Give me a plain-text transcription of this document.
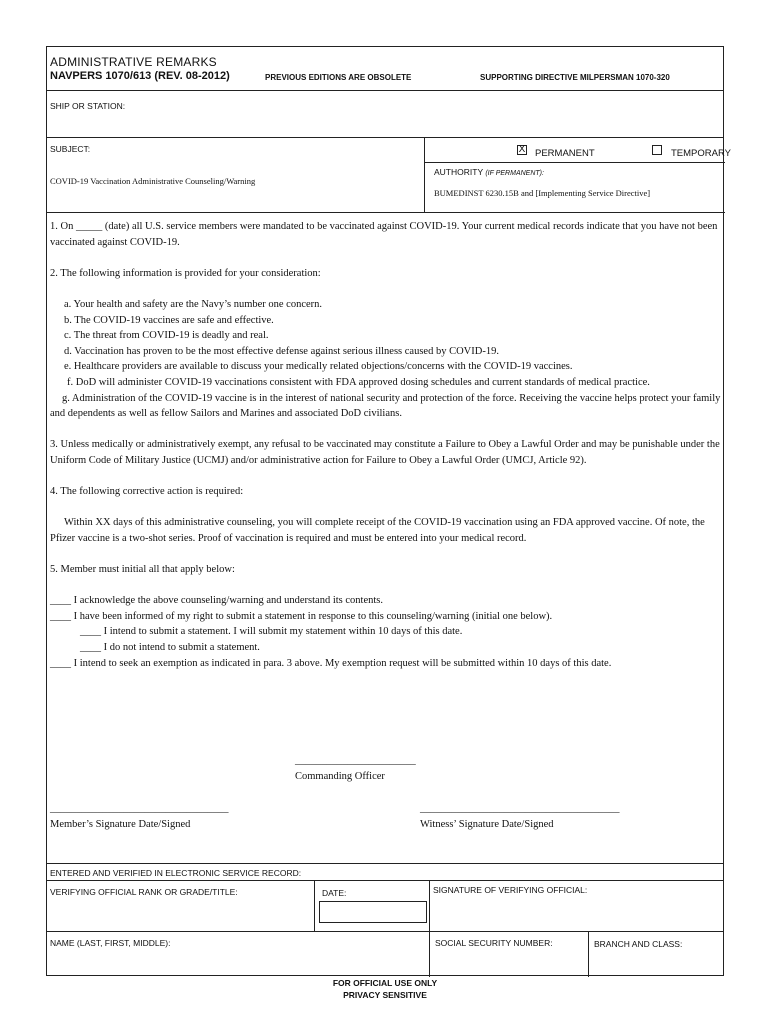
ADMINISTRATIVE REMARKS
NAVPERS 1070/613 (REV. 08-2012)	PREVIOUS EDITIONS ARE OBSOLETE	SUPPORTING DIRECTIVE MILPERSMAN 1070-320
SHIP OR STATION:
SUBJECT:
COVID-19 Vaccination Administrative Counseling/Warning
X PERMANENT	TEMPORARY
AUTHORITY (IF PERMANENT):
BUMEDINST 6230.15B and [Implementing Service Directive]

1. On _____ (date) all U.S. service members were mandated to be vaccinated against COVID-19. Your current medical records indicate that you have not been vaccinated against COVID-19.

2. The following information is provided for your consideration:

a. Your health and safety are the Navy’s number one concern.

b. The COVID-19 vaccines are safe and effective.

c. The threat from COVID-19 is deadly and real.

d. Vaccination has proven to be the most effective defense against serious illness caused by COVID-19.

e. Healthcare providers are available to discuss your medically related objections/concerns with the COVID-19 vaccines.

f. DoD will administer COVID-19 vaccinations consistent with FDA approved dosing schedules and current standards of medical practice.

g. Administration of the COVID-19 vaccine is in the interest of national security and protection of the force. Receiving the vaccine helps protect your family and dependents as well as fellow Sailors and Marines and associated DoD civilians.

3. Unless medically or administratively exempt, any refusal to be vaccinated may constitute a Failure to Obey a Lawful Order and may be punishable under the Uniform Code of Military Justice (UCMJ) and/or administrative action for Failure to Obey a Lawful Order (UMCJ, Article 92).

4. The following corrective action is required:

Within XX days of this administrative counseling, you will complete receipt of the COVID-19 vaccination using an FDA approved vaccine. Of note, the Pfizer vaccine is a two-shot series. Proof of vaccination is required and must be entered into your medical record.

5. Member must initial all that apply below:

____ I acknowledge the above counseling/warning and understand its contents.

____ I have been informed of my right to submit a statement in response to this counseling/warning (initial one below).

____ I intend to submit a statement. I will submit my statement within 10 days of this date.

____ I do not intend to submit a statement.

____ I intend to seek an exemption as indicated in para. 3 above. My exemption request will be submitted within 10 days of this date.

_______________________
Commanding Officer
__________________________________
Member’s Signature Date/Signed
______________________________________
Witness’ Signature Date/Signed
ENTERED AND VERIFIED IN ELECTRONIC SERVICE RECORD:
VERIFYING OFFICIAL RANK OR GRADE/TITLE:	DATE:	SIGNATURE OF VERIFYING OFFICIAL:
NAME (LAST, FIRST, MIDDLE):	SOCIAL SECURITY NUMBER:	BRANCH AND CLASS:
FOR OFFICIAL USE ONLY
PRIVACY SENSITIVE
